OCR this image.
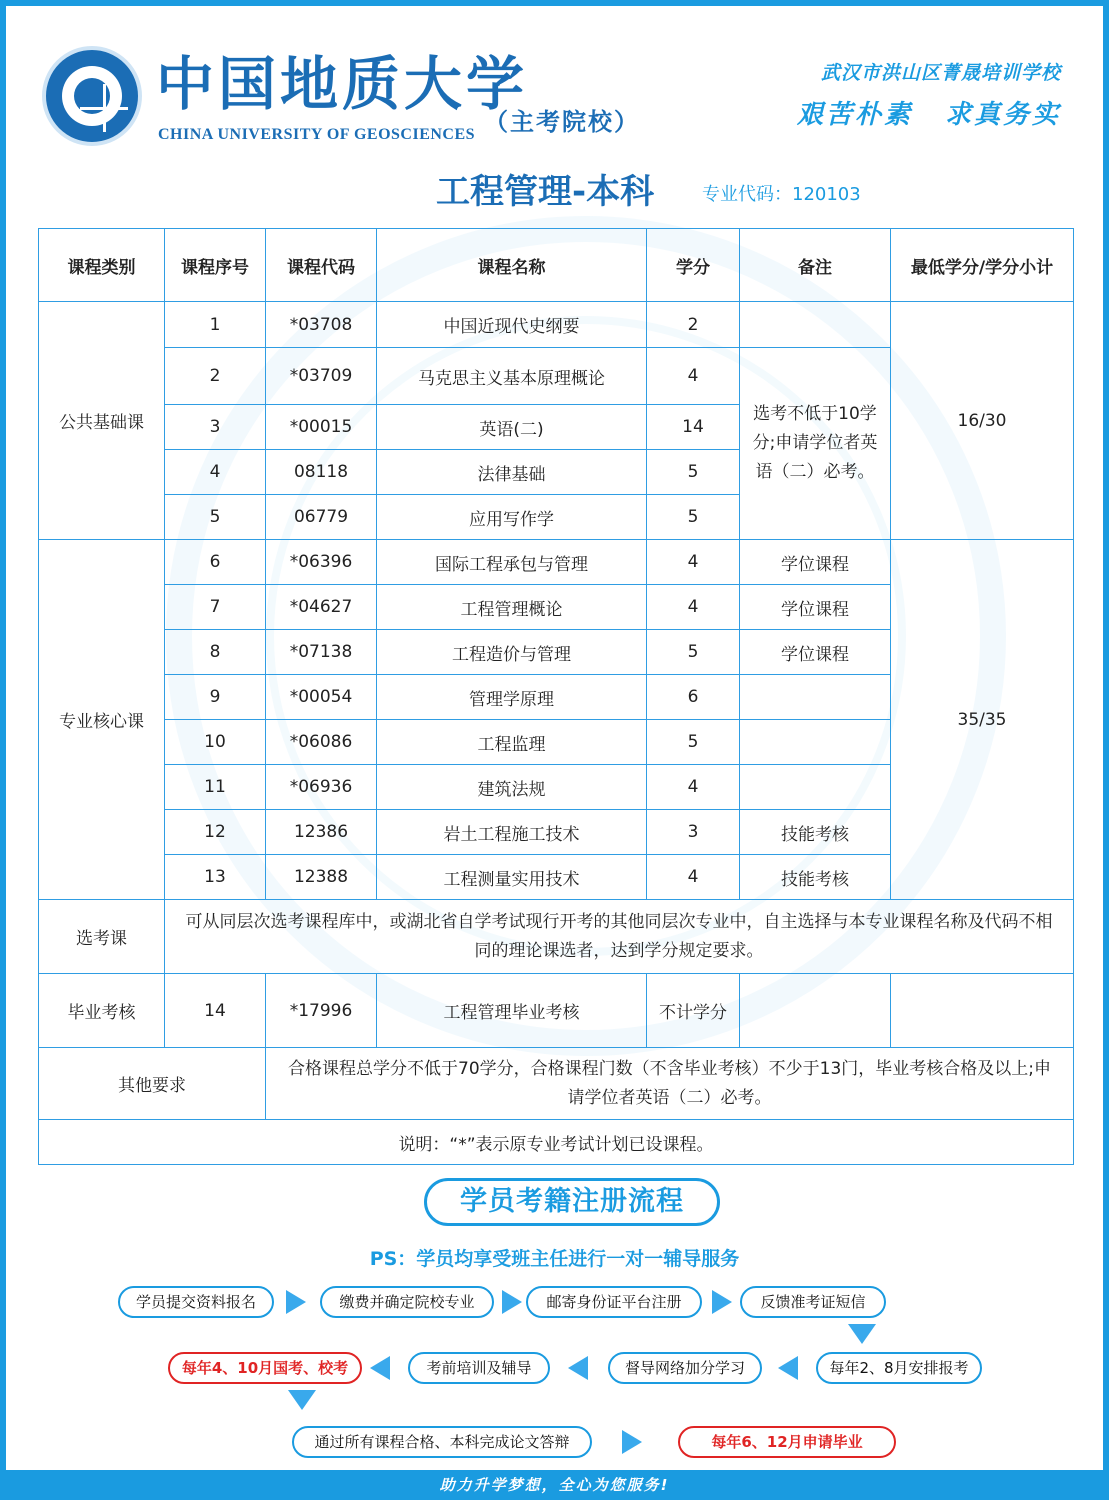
中国地质大学
CHINA UNIVERSITY OF GEOSCIENCES （主考院校）
武汉市洪山区菁晟培训学校
艰苦朴素 求真务实
工程管理-本科	专业代码：120103
课程类别	课程序号	课程代码	课程名称	学分	备注	最低学分/学分小计
公共基础课	1	*03708	中国近现代史纲要	2		16/30
	2	*03709	马克思主义基本原理概论	4	选考不低于10学分;申请学位者英语（二）必考。	
	3	*00015	英语(二)	14		
	4	08118	法律基础	5		
	5	06779	应用写作学	5		
专业核心课	6	*06396	国际工程承包与管理	4	学位课程	35/35
	7	*04627	工程管理概论	4	学位课程	
	8	*07138	工程造价与管理	5	学位课程	
	9	*00054	管理学原理	6		
	10	*06086	工程监理	5		
	11	*06936	建筑法规	4		
	12	12386	岩土工程施工技术	3	技能考核	
	13	12388	工程测量实用技术	4	技能考核	
选考课	可从同层次选考课程库中，或湖北省自学考试现行开考的其他同层次专业中，自主选择与本专业课程名称及代码不相同的理论课选者，达到学分规定要求。					
毕业考核	14	*17996	工程管理毕业考核	不计学分		
其他要求		合格课程总学分不低于70学分，合格课程门数（不含毕业考核）不少于13门，毕业考核合格及以上;申请学位者英语（二）必考。				
说明：“*”表示原专业考试计划已设课程。						
学员考籍注册流程
PS：学员均享受班主任进行一对一辅导服务
学员提交资料报名	缴费并确定院校专业	邮寄身份证平台注册	反馈准考证短信
每年2、8月安排报考
督导网络加分学习
考前培训及辅导
每年4、10月国考、校考
通过所有课程合格、本科完成论文答辩	每年6、12月申请毕业
助力升学梦想，全心为您服务!
